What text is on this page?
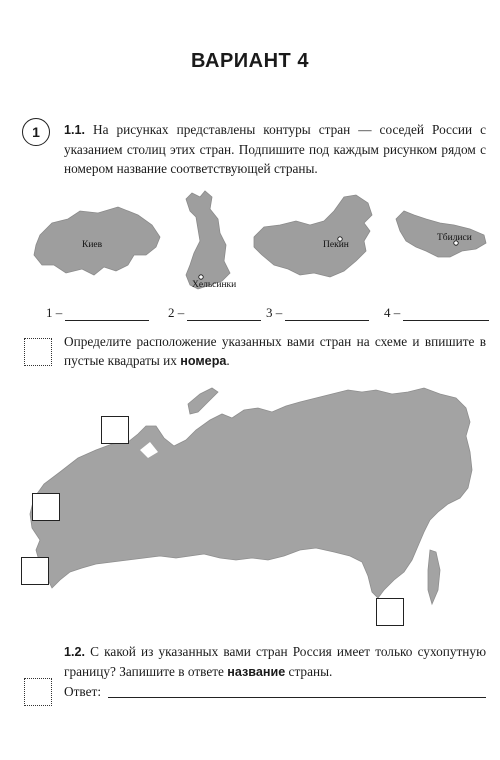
ВАРИАНТ 4
1	1.1. На рисунках представлены контуры стран — соседей России с указанием столиц этих стран. Подпишите под каждым рисунком рядом с номером название соответствующей страны.
Киев
Хельсинки
Пекин
Тбилиси
1 –	2 –	3 –	4 –
Определите расположение указанных вами стран на схеме и впишите в пустые квадраты их номера.
1.2. С какой из указанных вами стран Россия имеет только сухопутную границу? Запишите в ответе название страны.
Ответ:
